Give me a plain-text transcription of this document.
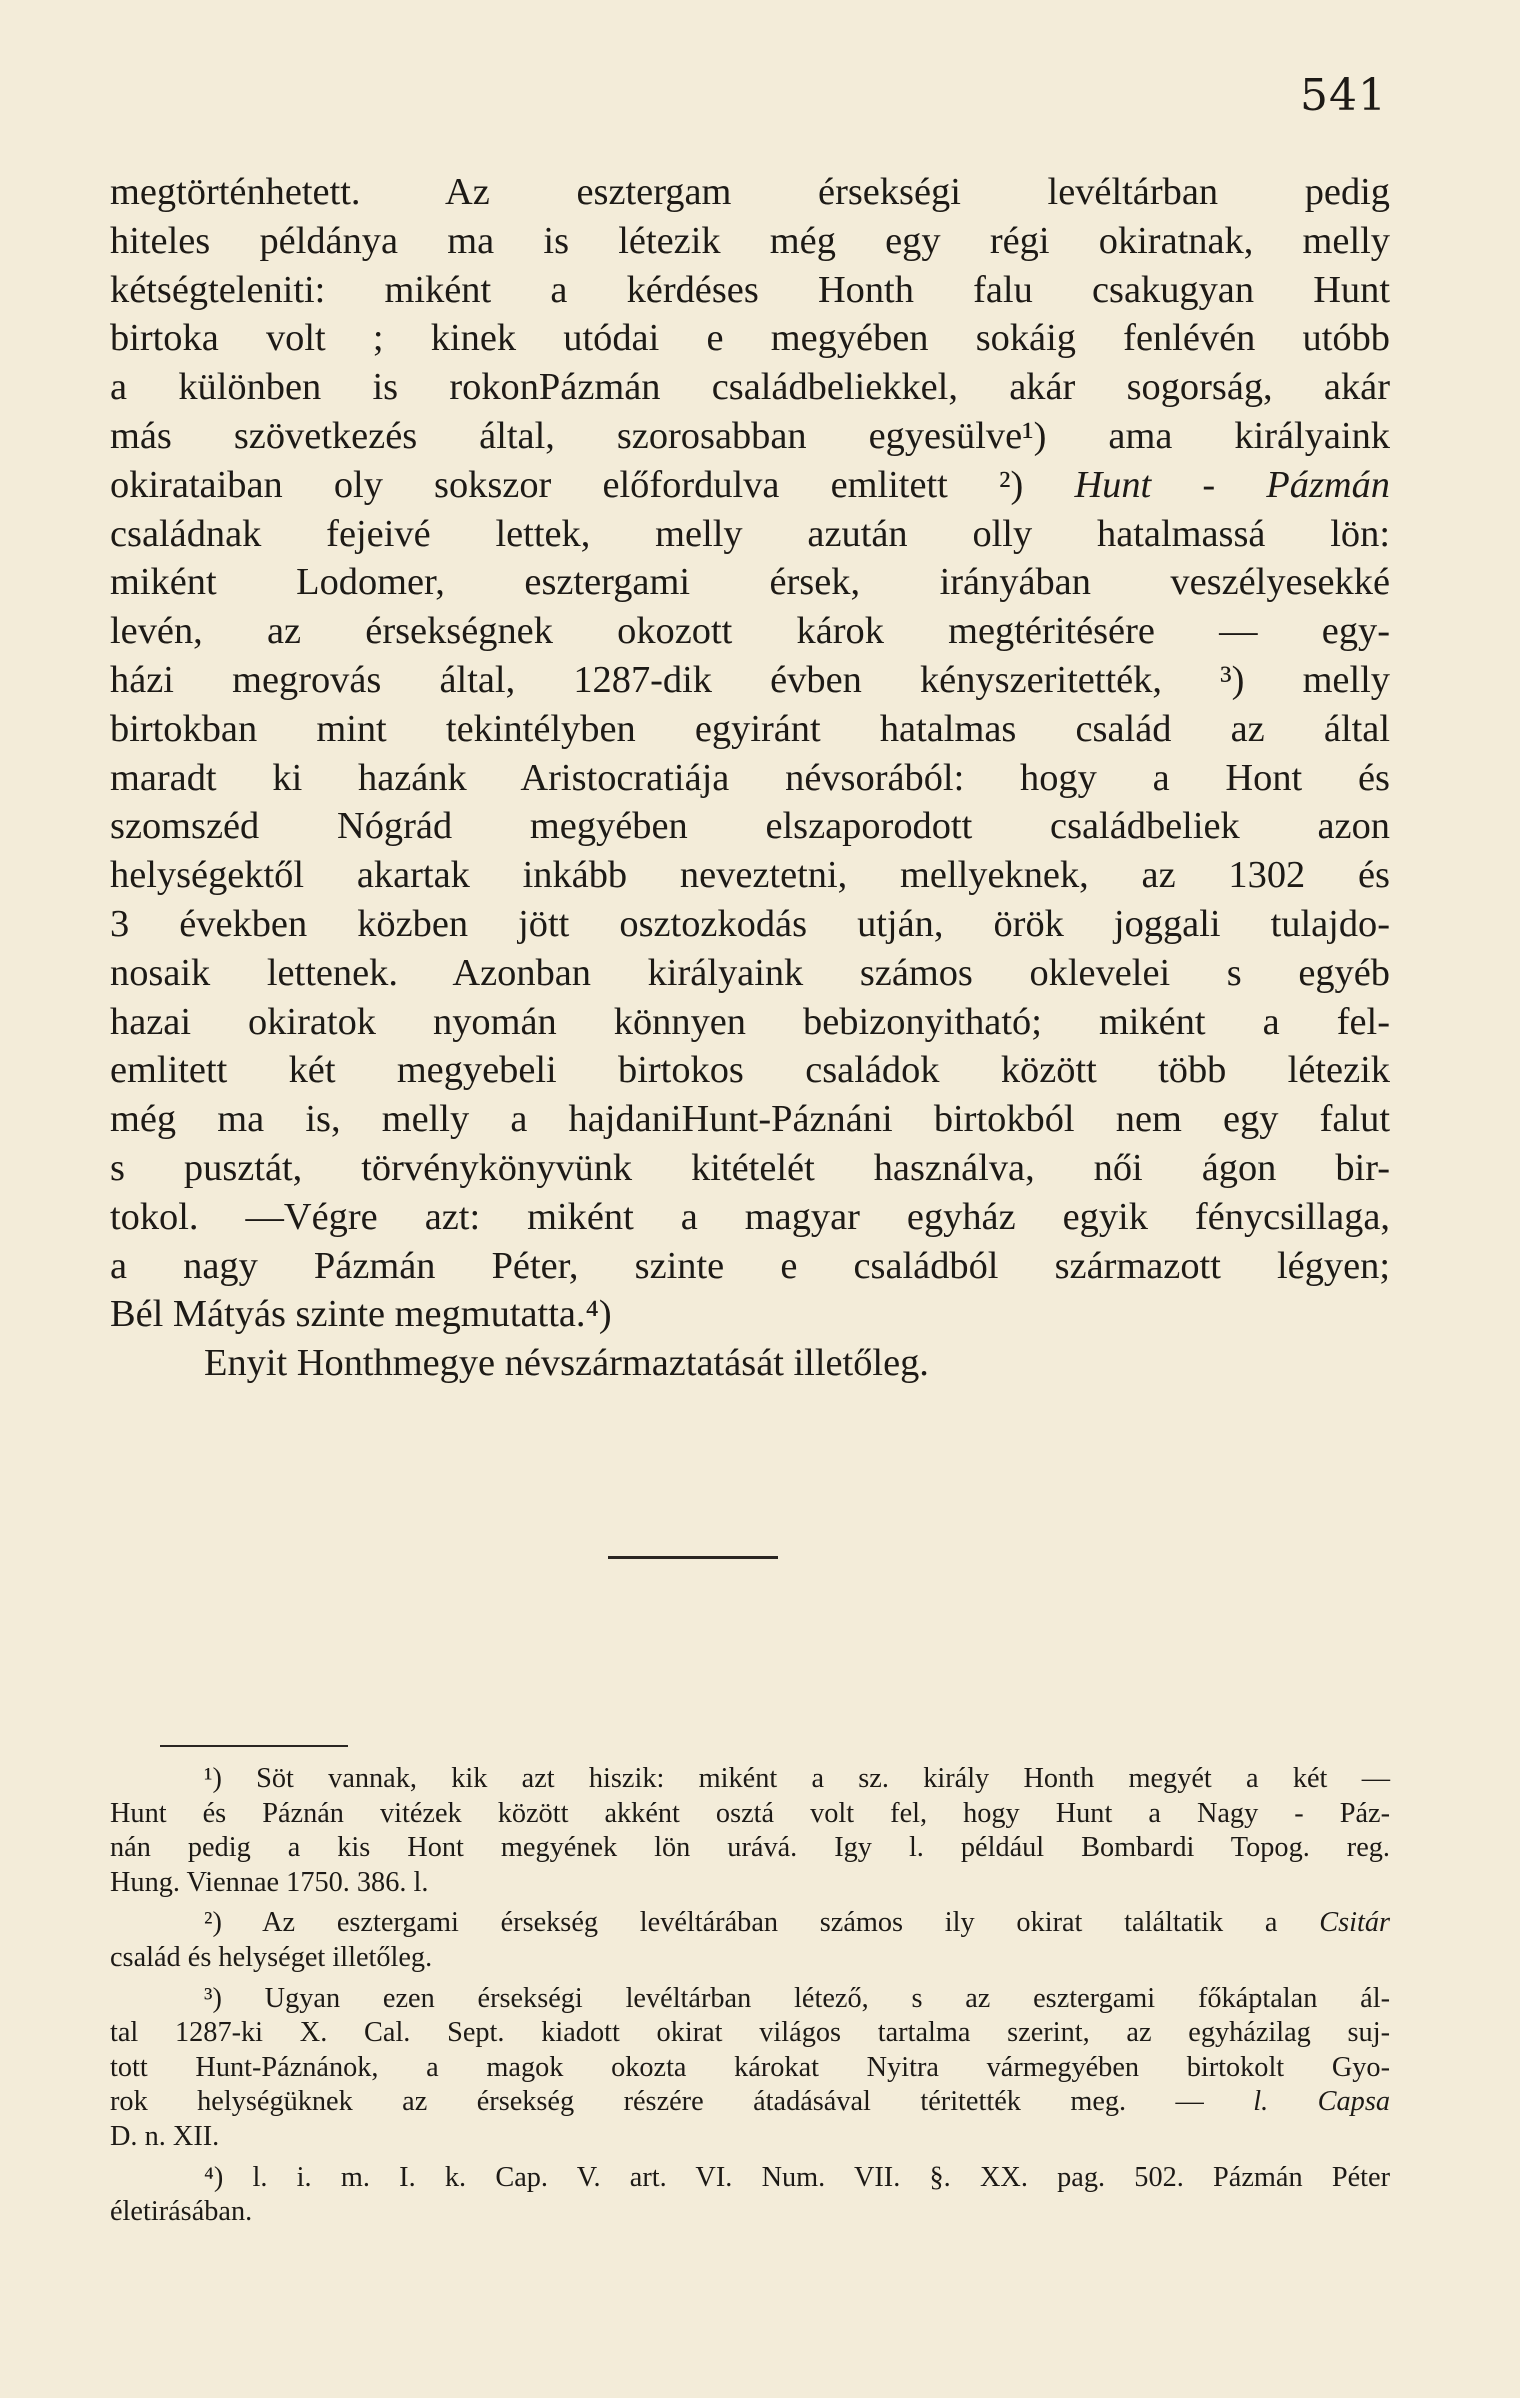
541
megtörténhetett. Az esztergam érsekségi levéltárban pedig
hiteles példánya ma is létezik még egy régi okiratnak, melly
kétségteleniti: miként a kérdéses Honth falu csakugyan Hunt
birtoka volt ; kinek utódai e megyében sokáig fenlévén utóbb
a különben is rokonPázmán családbeliekkel, akár sogorság, akár
más szövetkezés által, szorosabban egyesülve¹) ama királyaink
okirataiban oly sokszor előfordulva emlitett ²) Hunt - Pázmán
családnak fejeivé lettek, melly azután olly hatalmassá lön:
miként Lodomer, esztergami érsek, irányában veszélyesekké
levén, az érsekségnek okozott károk megtéritésére — egy-
házi megrovás által, 1287-dik évben kényszeritették, ³) melly
birtokban mint tekintélyben egyiránt hatalmas család az által
maradt ki hazánk Aristocratiája névsorából: hogy a Hont és
szomszéd Nógrád megyében elszaporodott családbeliek azon
helységektől akartak inkább neveztetni, mellyeknek, az 1302 és
3 években közben jött osztozkodás utján, örök joggali tulajdo-
nosaik lettenek. Azonban királyaink számos oklevelei s egyéb
hazai okiratok nyomán könnyen bebizonyitható; miként a fel-
emlitett két megyebeli birtokos családok között több létezik
még ma is, melly a hajdaniHunt-Páznáni birtokból nem egy falut
s pusztát, törvénykönyvünk kitételét használva, női ágon bir-
tokol. —Végre azt: miként a magyar egyház egyik fénycsillaga,
a nagy Pázmán Péter, szinte e családból származott légyen;
Bél Mátyás szinte megmutatta.⁴)
Enyit Honthmegye névszármaztatását illetőleg.
¹) Söt vannak, kik azt hiszik: miként a sz. király Honth megyét a két —
Hunt és Páznán vitézek között akként osztá volt fel, hogy Hunt a Nagy - Páz-
nán pedig a kis Hont megyének lön urává. Igy l. például Bombardi Topog. reg.
Hung. Viennae 1750. 386. l.
²) Az esztergami érsekség levéltárában számos ily okirat találtatik a Csitár
család és helységet illetőleg.
³) Ugyan ezen érsekségi levéltárban létező, s az esztergami főkáptalan ál-
tal 1287-ki X. Cal. Sept. kiadott okirat világos tartalma szerint, az egyházilag suj-
tott Hunt-Páznánok, a magok okozta károkat Nyitra vármegyében birtokolt Gyo-
rok helységüknek az érsekség részére átadásával téritették meg. — l. Capsa
D. n. XII.
⁴) l. i. m. I. k. Cap. V. art. VI. Num. VII. §. XX. pag. 502. Pázmán Péter
életirásában.
